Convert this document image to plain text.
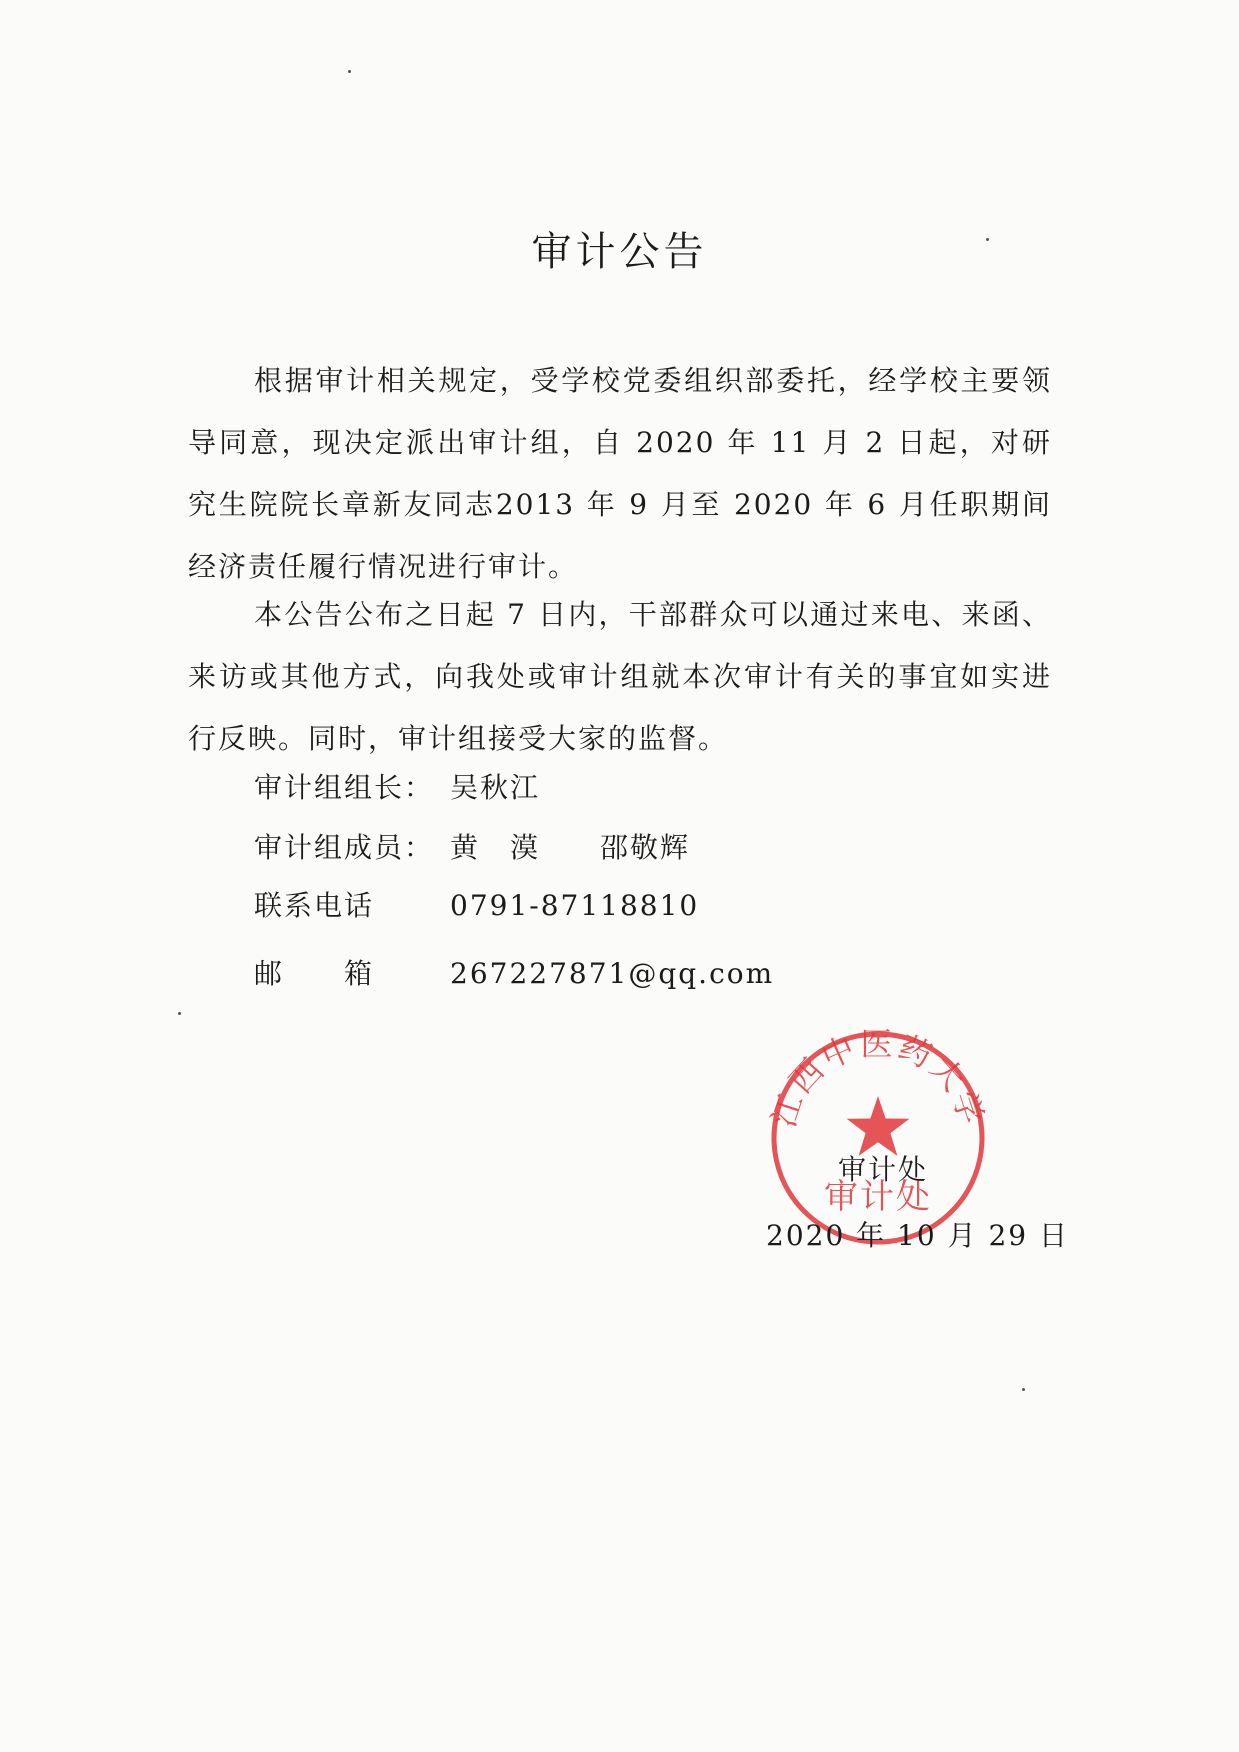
审计公告

根据审计相关规定，受学校党委组织部委托，经学校主要领导同意，现决定派出审计组，自 2020 年 11 月 2 日起，对研究生院院长章新友同志2013 年 9 月至 2020 年 6 月任职期间经济责任履行情况进行审计。

本公告公布之日起 7 日内，干部群众可以通过来电、来函、来访或其他方式，向我处或审计组就本次审计有关的事宜如实进行反映。同时，审计组接受大家的监督。

审计组组长： 吴秋江
审计组成员： 黄　漠　　邵敬辉
联系电话	0791-87118810
邮　　箱	267227871@qq.com
江西中医药大学
审计处
审计处
2020 年 10 月 29 日
